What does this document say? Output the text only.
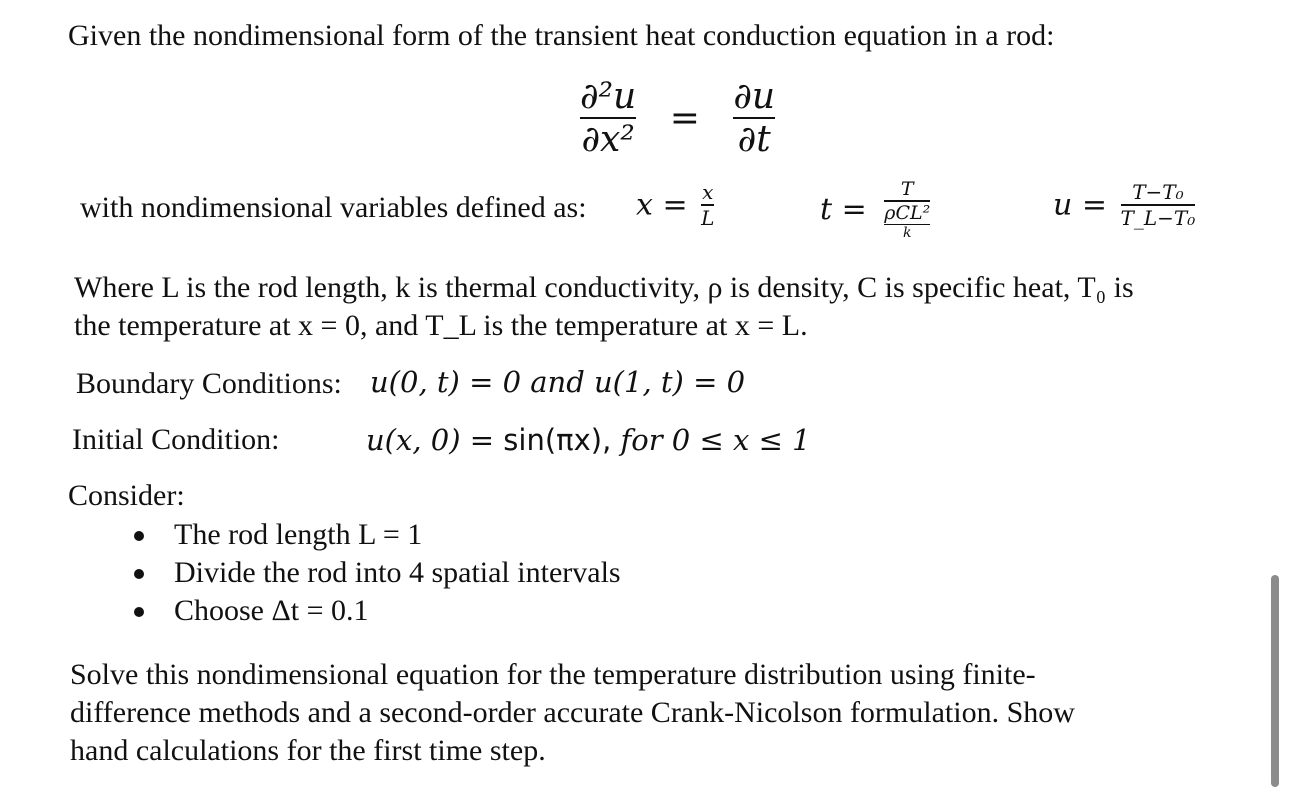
Given the nondimensional form of the transient heat conduction equation in a rod:
$\frac{\text{∂²u}}{\text{∂x²}} = \frac{\partial u}{\partial t}$
with nondimensional variables defined as: $x = \frac{x}{L}$	t = T
ρCL²
k	$u = \frac{\text{T−T₀}}{\text{T\_L−T₀}}$
Where L is the rod length, k is thermal conductivity, ρ is density, C is specific heat, T₀ is
the temperature at x = 0, and T_L is the temperature at x = L.
Boundary Conditions: u(0, t) = 0 and u(1, t) = 0
Initial Condition:	u(x, 0) = sin(πx), for 0 ≤ x ≤ 1
Consider:
The rod length L = 1
Divide the rod into 4 spatial intervals
Choose Δt = 0.1
Solve this nondimensional equation for the temperature distribution using finite-
difference methods and a second-order accurate Crank-Nicolson formulation. Show
hand calculations for the first time step.
